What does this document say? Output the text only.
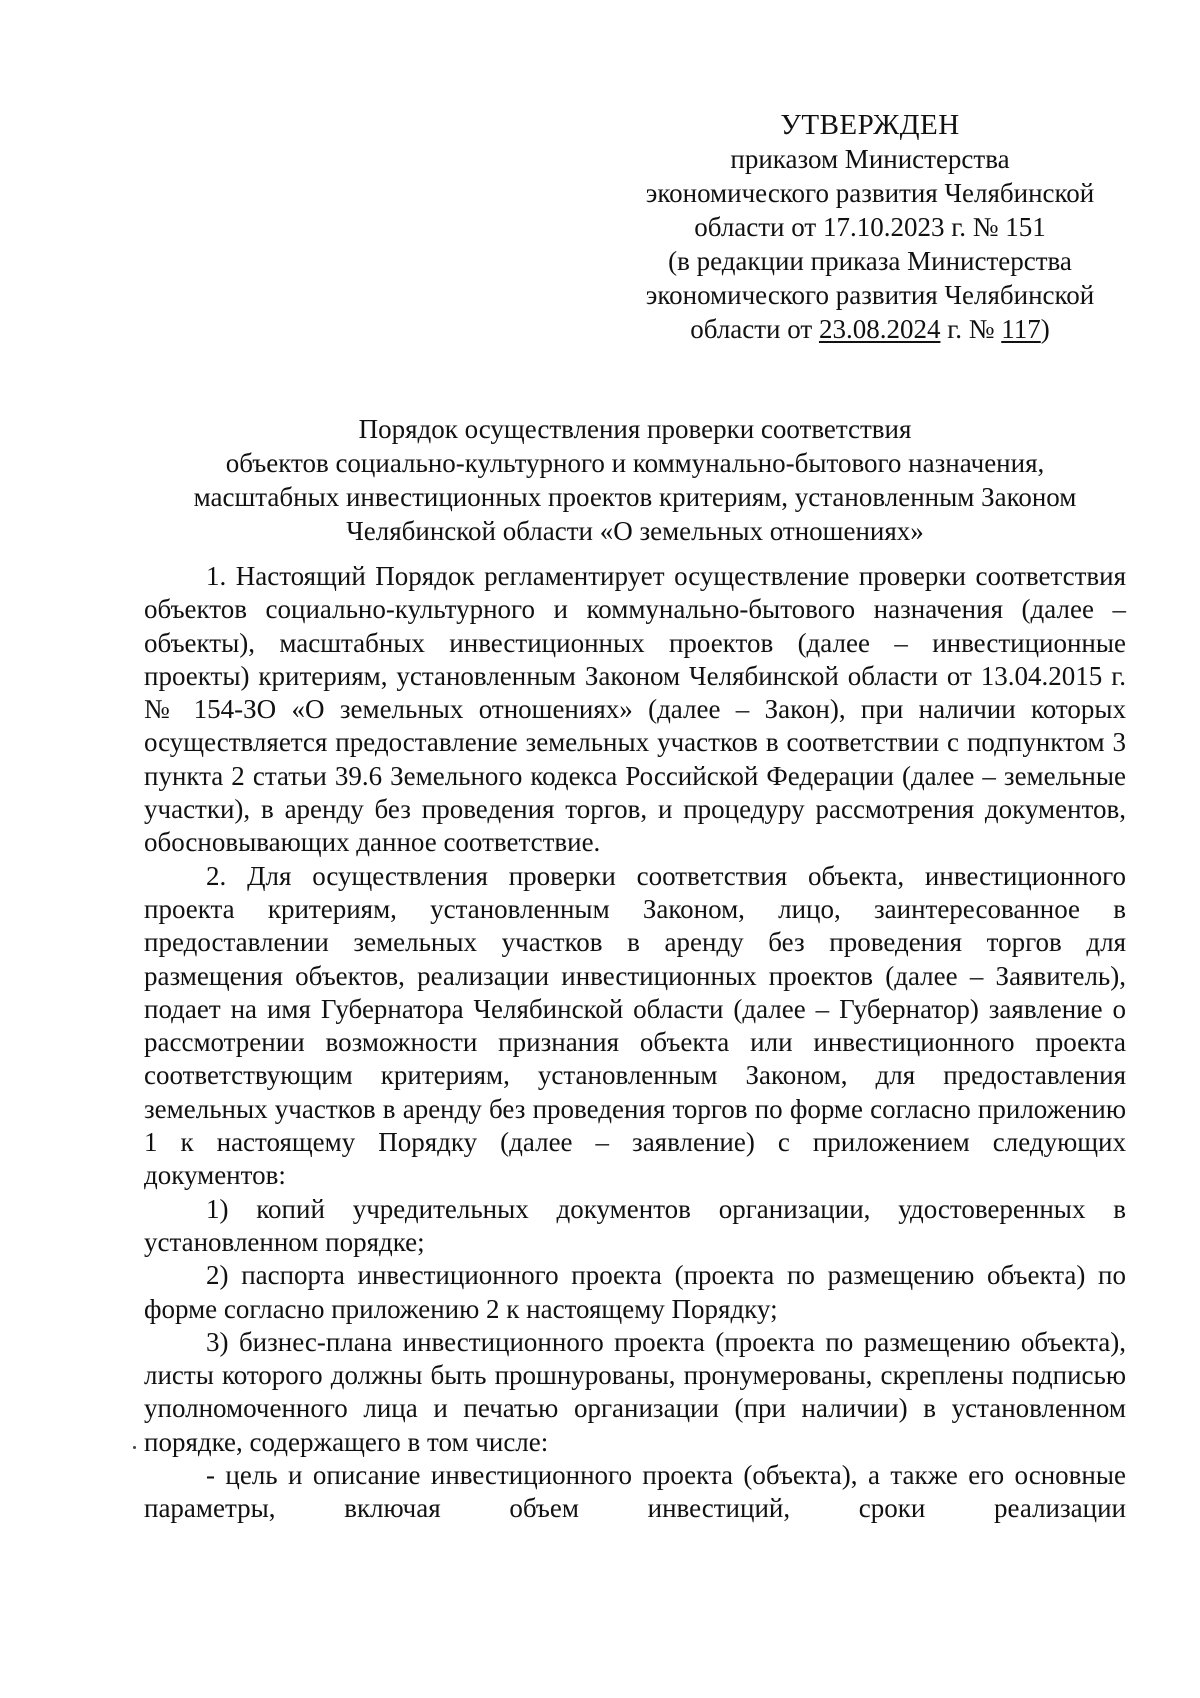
УТВЕРЖДЕН
приказом Министерства
экономического развития Челябинской
области от 17.10.2023 г. № 151
(в редакции приказа Министерства
экономического развития Челябинской
области от 23.08.2024 г. № 117)
Порядок осуществления проверки соответствия
объектов социально-культурного и коммунально-бытового назначения,
масштабных инвестиционных проектов критериям, установленным Законом
Челябинской области «О земельных отношениях»

1. Настоящий Порядок регламентирует осуществление проверки соответствия объектов социально-культурного и коммунально-бытового назначения (далее – объекты), масштабных инвестиционных проектов (далее – инвестиционные проекты) критериям, установленным Законом Челябинской области от 13.04.2015 г. № 154-ЗО «О земельных отношениях» (далее – Закон), при наличии которых осуществляется предоставление земельных участков в соответствии с подпунктом 3 пункта 2 статьи 39.6 Земельного кодекса Российской Федерации (далее – земельные участки), в аренду без проведения торгов, и процедуру рассмотрения документов, обосновывающих данное соответствие.

2. Для осуществления проверки соответствия объекта, инвестиционного проекта критериям, установленным Законом, лицо, заинтересованное в предоставлении земельных участков в аренду без проведения торгов для размещения объектов, реализации инвестиционных проектов (далее – Заявитель), подает на имя Губернатора Челябинской области (далее – Губернатор) заявление о рассмотрении возможности признания объекта или инвестиционного проекта соответствующим критериям, установленным Законом, для предоставления земельных участков в аренду без проведения торгов по форме согласно приложению 1 к настоящему Порядку (далее – заявление) с приложением следующих документов:

1) копий учредительных документов организации, удостоверенных в установленном порядке;

2) паспорта инвестиционного проекта (проекта по размещению объекта) по форме согласно приложению 2 к настоящему Порядку;

3) бизнес-плана инвестиционного проекта (проекта по размещению объекта), листы которого должны быть прошнурованы, пронумерованы, скреплены подписью уполномоченного лица и печатью организации (при наличии) в установленном порядке, содержащего в том числе:

- цель и описание инвестиционного проекта (объекта), а также его основные параметры, включая объем инвестиций, сроки реализации
